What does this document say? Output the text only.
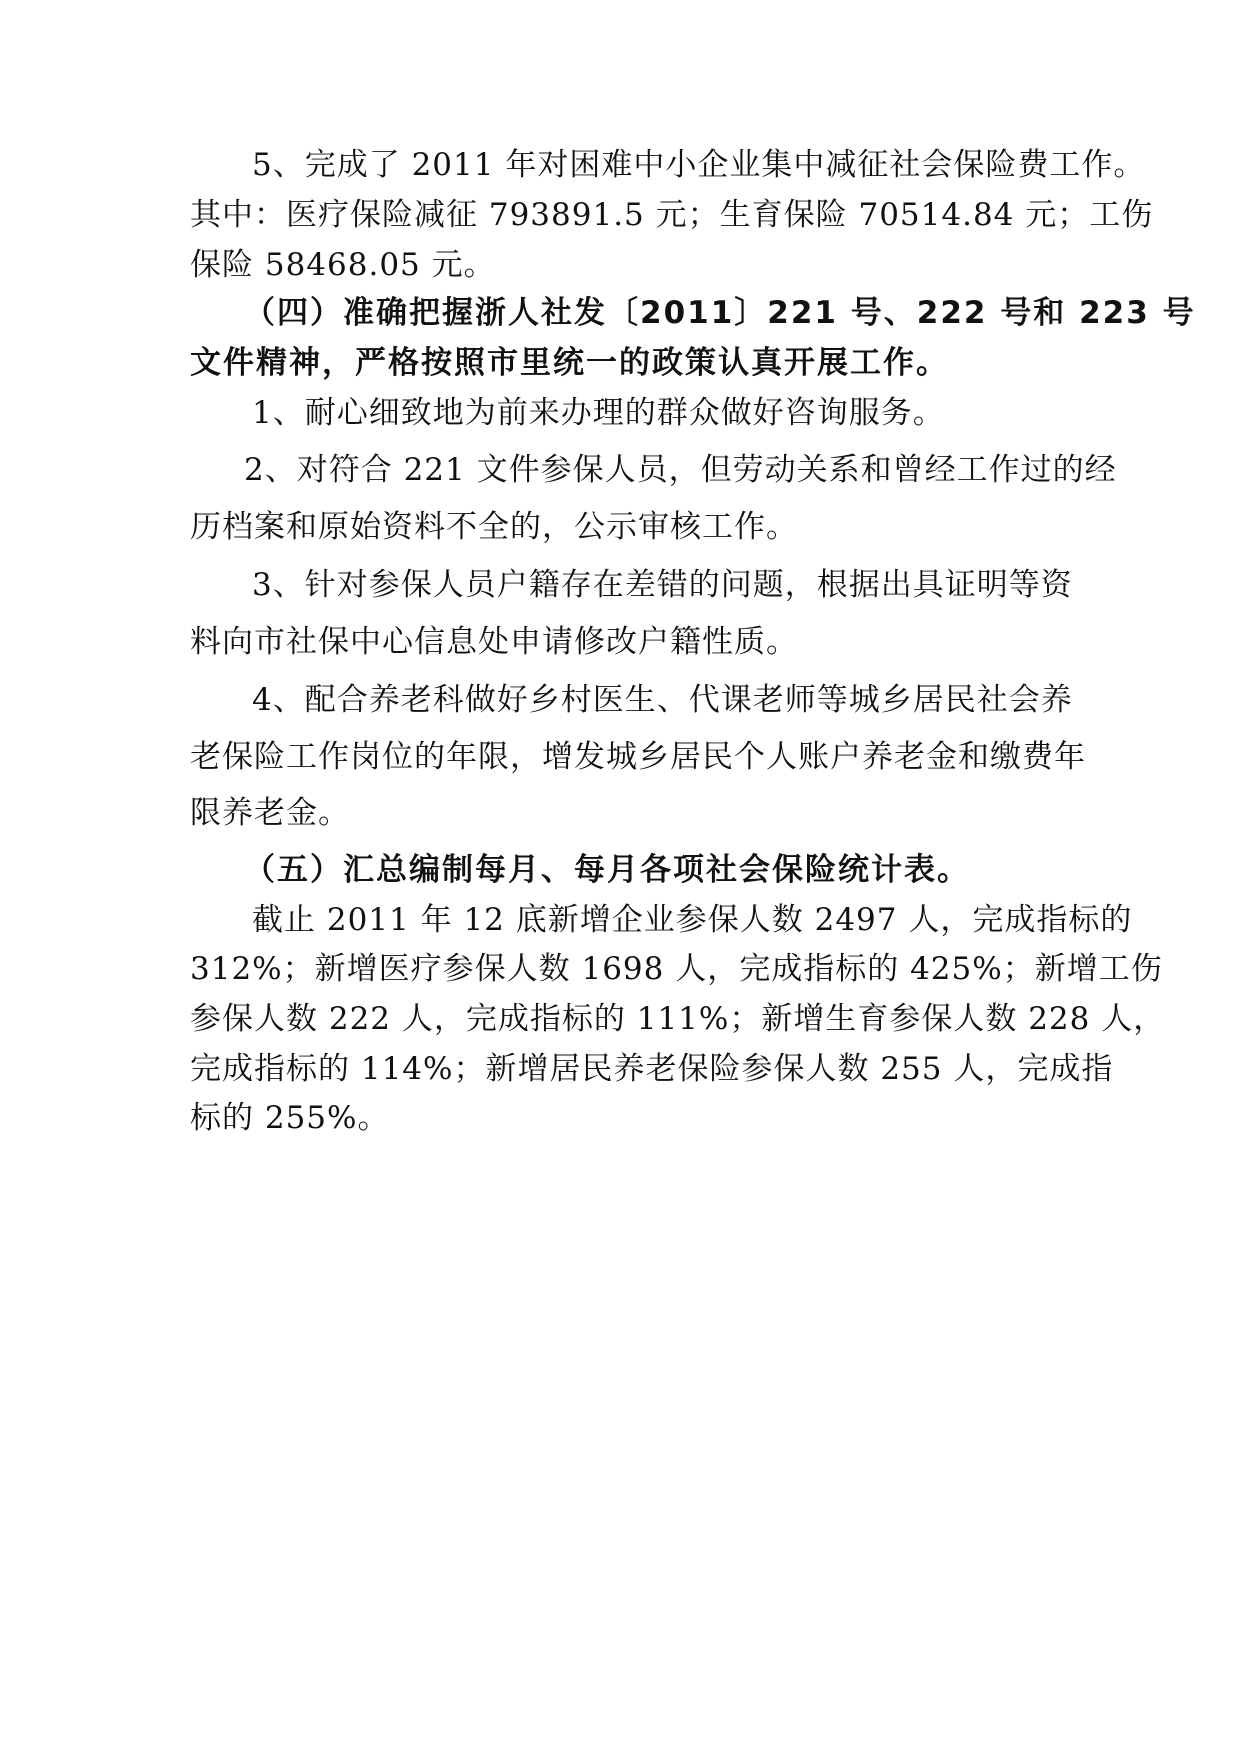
5、完成了 2011 年对困难中小企业集中减征社会保险费工作。
其中：医疗保险减征 793891.5 元；生育保险 70514.84 元；工伤
保险 58468.05 元。
（四）准确把握浙人社发〔2011〕221 号、222 号和 223 号
文件精神，严格按照市里统一的政策认真开展工作。
1、耐心细致地为前来办理的群众做好咨询服务。
2、对符合 221 文件参保人员，但劳动关系和曾经工作过的经
历档案和原始资料不全的，公示审核工作。
3、针对参保人员户籍存在差错的问题，根据出具证明等资
料向市社保中心信息处申请修改户籍性质。
4、配合养老科做好乡村医生、代课老师等城乡居民社会养
老保险工作岗位的年限，增发城乡居民个人账户养老金和缴费年
限养老金。
（五）汇总编制每月、每月各项社会保险统计表。
截止 2011 年 12 底新增企业参保人数 2497 人，完成指标的
312%；新增医疗参保人数 1698 人，完成指标的 425%；新增工伤
参保人数 222 人，完成指标的 111%；新增生育参保人数 228 人，
完成指标的 114%；新增居民养老保险参保人数 255 人，完成指
标的 255%。
